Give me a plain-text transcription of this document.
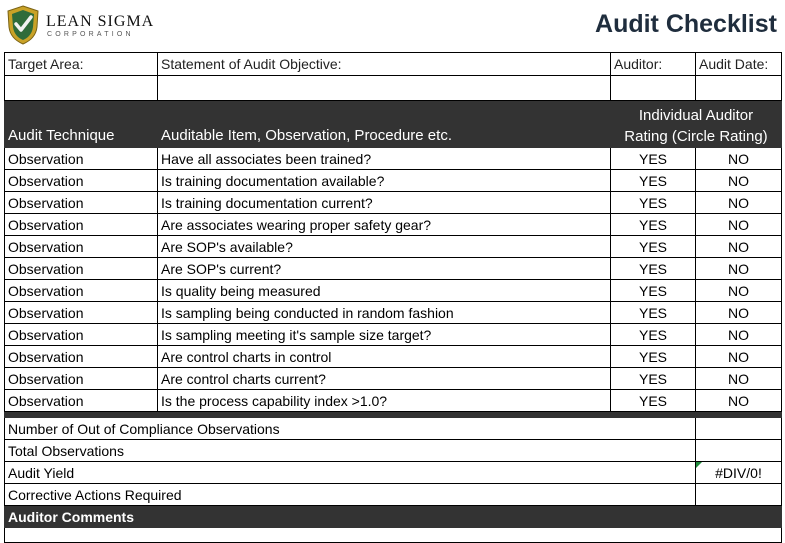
LEAN SIGMA
CORPORATION	Audit Checklist
Target Area:	Statement of Audit Objective:	Auditor:	Audit Date:

Audit Technique	Auditable Item, Observation, Procedure etc.	Individual Auditor
Rating (Circle Rating)	

Observation	Have all associates been trained?	YES	NO
Observation	Is training documentation available?	YES	NO
Observation	Is training documentation current?	YES	NO
Observation	Are associates wearing proper safety gear?	YES	NO
Observation	Are SOP's available?	YES	NO
Observation	Are SOP's current?	YES	NO
Observation	Is quality being measured	YES	NO
Observation	Is sampling being conducted in random fashion	YES	NO
Observation	Is sampling meeting it's sample size target?	YES	NO
Observation	Are control charts in control	YES	NO
Observation	Are control charts current?	YES	NO
Observation	Is the process capability index >1.0?	YES	NO

Number of Out of Compliance Observations			
Total Observations			
Audit Yield			#DIV/0!
Corrective Actions Required			
Auditor Comments			
